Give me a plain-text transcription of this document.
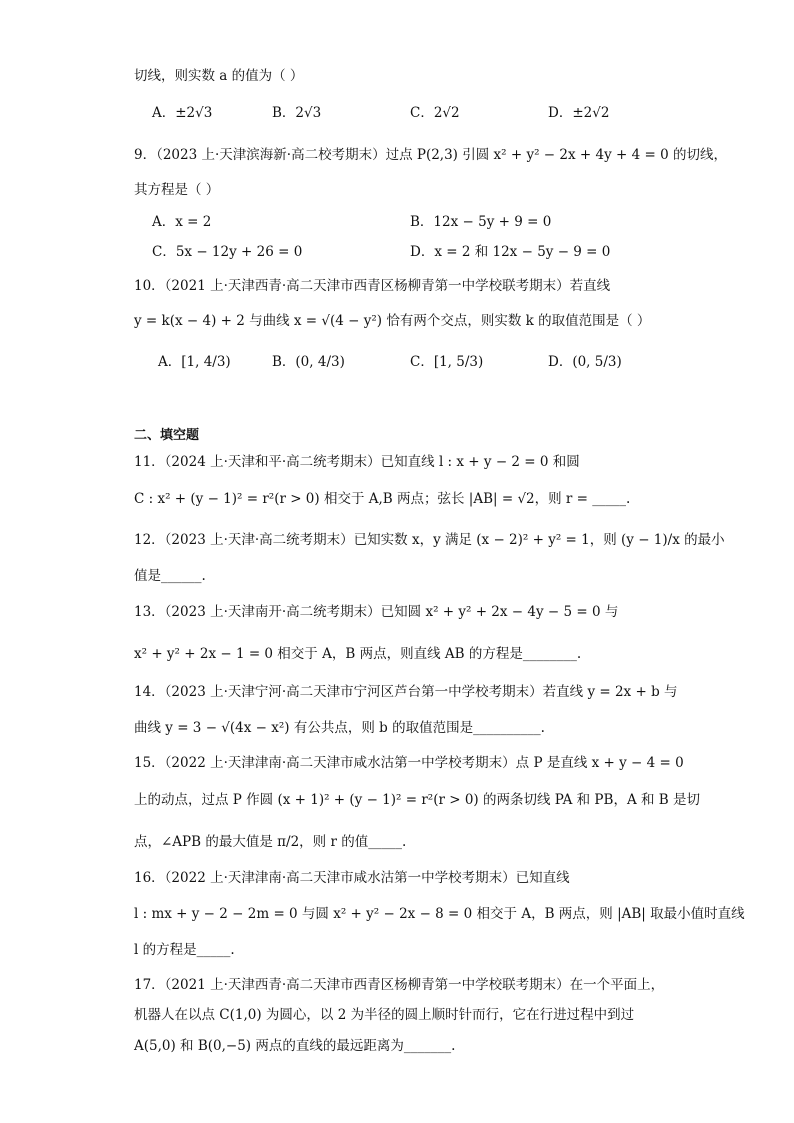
切线，则实数 a 的值为（ ）
A．±2√3	B．2√3	C．2√2	D．±2√2
9．（2023 上·天津滨海新·高二校考期末）过点 P(2,3) 引圆 x² + y² − 2x + 4y + 4 = 0 的切线，
其方程是（ ）
A．x = 2	B．12x − 5y + 9 = 0
C．5x − 12y + 26 = 0	D．x = 2 和 12x − 5y − 9 = 0
10．（2021 上·天津西青·高二天津市西青区杨柳青第一中学校联考期末）若直线
y = k(x − 4) + 2 与曲线 x = √(4 − y²) 恰有两个交点，则实数 k 的取值范围是（ ）
A．[1, 4/3)	B．(0, 4/3)	C．[1, 5/3)	D．(0, 5/3)
二、填空题
11．（2024 上·天津和平·高二统考期末）已知直线 l : x + y − 2 = 0 和圆
C : x² + (y − 1)² = r²(r > 0) 相交于 A,B 两点；弦长 |AB| = √2，则 r = _____.
12．（2023 上·天津·高二统考期末）已知实数 x，y 满足 (x − 2)² + y² = 1，则 (y − 1)/x 的最小
值是______.
13．（2023 上·天津南开·高二统考期末）已知圆 x² + y² + 2x − 4y − 5 = 0 与
x² + y² + 2x − 1 = 0 相交于 A，B 两点，则直线 AB 的方程是________.
14．（2023 上·天津宁河·高二天津市宁河区芦台第一中学校考期末）若直线 y = 2x + b 与
曲线 y = 3 − √(4x − x²) 有公共点，则 b 的取值范围是__________.
15．（2022 上·天津津南·高二天津市咸水沽第一中学校考期末）点 P 是直线 x + y − 4 = 0
上的动点，过点 P 作圆 (x + 1)² + (y − 1)² = r²(r > 0) 的两条切线 PA 和 PB，A 和 B 是切
点，∠APB 的最大值是 π/2，则 r 的值_____.
16．（2022 上·天津津南·高二天津市咸水沽第一中学校考期末）已知直线
l : mx + y − 2 − 2m = 0 与圆 x² + y² − 2x − 8 = 0 相交于 A，B 两点，则 |AB| 取最小值时直线
l 的方程是_____.
17．（2021 上·天津西青·高二天津市西青区杨柳青第一中学校联考期末）在一个平面上，
机器人在以点 C(1,0) 为圆心，以 2 为半径的圆上顺时针而行，它在行进过程中到过
A(5,0) 和 B(0,−5) 两点的直线的最远距离为_______.
